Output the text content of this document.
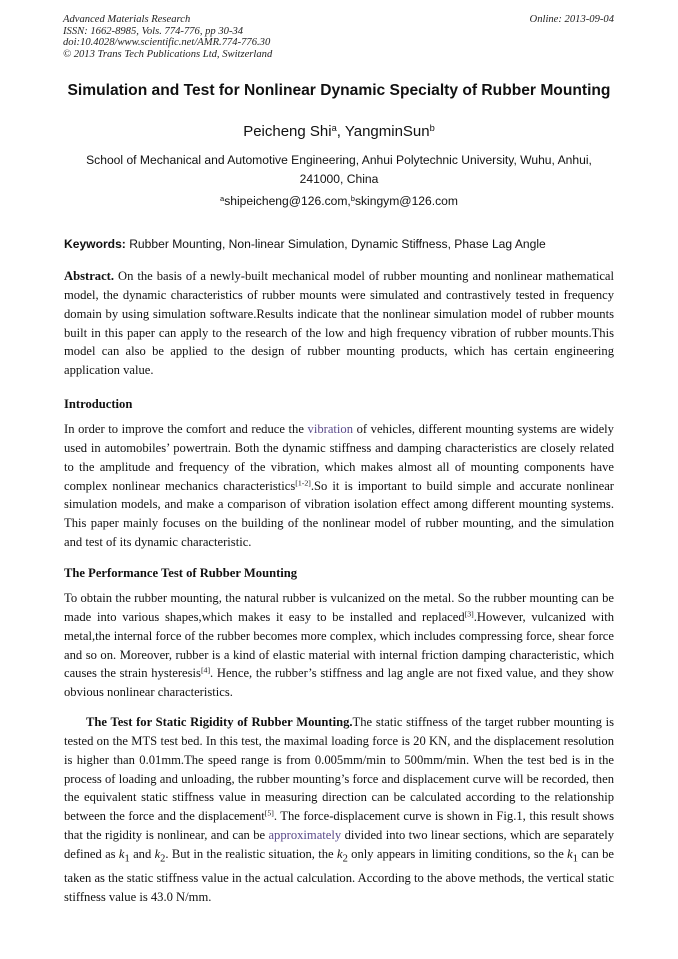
Advanced Materials Research
ISSN: 1662-8985, Vols. 774-776, pp 30-34
doi:10.4028/www.scientific.net/AMR.774-776.30
© 2013 Trans Tech Publications Ltd, Switzerland
Online: 2013-09-04
Simulation and Test for Nonlinear Dynamic Specialty of Rubber Mounting
Peicheng Shi$^a$, YangminSun$^b$
School of Mechanical and Automotive Engineering, Anhui Polytechnic University, Wuhu, Anhui, 241000, China
$^a$shipeicheng@126.com,$^b$skingym@126.com
Keywords: Rubber Mounting, Non-linear Simulation, Dynamic Stiffness, Phase Lag Angle
Abstract. On the basis of a newly-built mechanical model of rubber mounting and nonlinear mathematical model, the dynamic characteristics of rubber mounts were simulated and contrastively tested in frequency domain by using simulation software.Results indicate that the nonlinear simulation model of rubber mounts built in this paper can apply to the research of the low and high frequency vibration of rubber mounts.This model can also be applied to the design of rubber mounting products, which has certain engineering application value.
Introduction
In order to improve the comfort and reduce the vibration of vehicles, different mounting systems are widely used in automobiles’ powertrain. Both the dynamic stiffness and damping characteristics are closely related to the amplitude and frequency of the vibration, which makes almost all of mounting components have complex nonlinear mechanics characteristics[1-2].So it is important to build simple and accurate nonlinear simulation models, and make a comparison of vibration isolation effect among different mounting systems. This paper mainly focuses on the building of the nonlinear model of rubber mounting, and the simulation and test of its dynamic characteristic.
The Performance Test of Rubber Mounting
To obtain the rubber mounting, the natural rubber is vulcanized on the metal. So the rubber mounting can be made into various shapes,which makes it easy to be installed and replaced[3].However, vulcanized with metal,the internal force of the rubber becomes more complex, which includes compressing force, shear force and so on. Moreover, rubber is a kind of elastic material with internal friction damping characteristic, which causes the strain hysteresis[4]. Hence, the rubber’s stiffness and lag angle are not fixed value, and they show obvious nonlinear characteristics.
The Test for Static Rigidity of Rubber Mounting.The static stiffness of the target rubber mounting is tested on the MTS test bed. In this test, the maximal loading force is 20 KN, and the displacement resolution is higher than 0.01mm.The speed range is from 0.005mm/min to 500mm/min. When the test bed is in the process of loading and unloading, the rubber mounting’s force and displacement curve will be recorded, then the equivalent static stiffness value in measuring direction can be calculated according to the relationship between the force and the displacement[5]. The force-displacement curve is shown in Fig.1, this result shows that the rigidity is nonlinear, and can be approximately divided into two linear sections, which are separately defined as $k_1$ and $k_2$. But in the realistic situation, the $k_2$ only appears in limiting conditions, so the $k_1$ can be taken as the static stiffness value in the actual calculation. According to the above methods, the vertical static stiffness value is 43.0 N/mm.
